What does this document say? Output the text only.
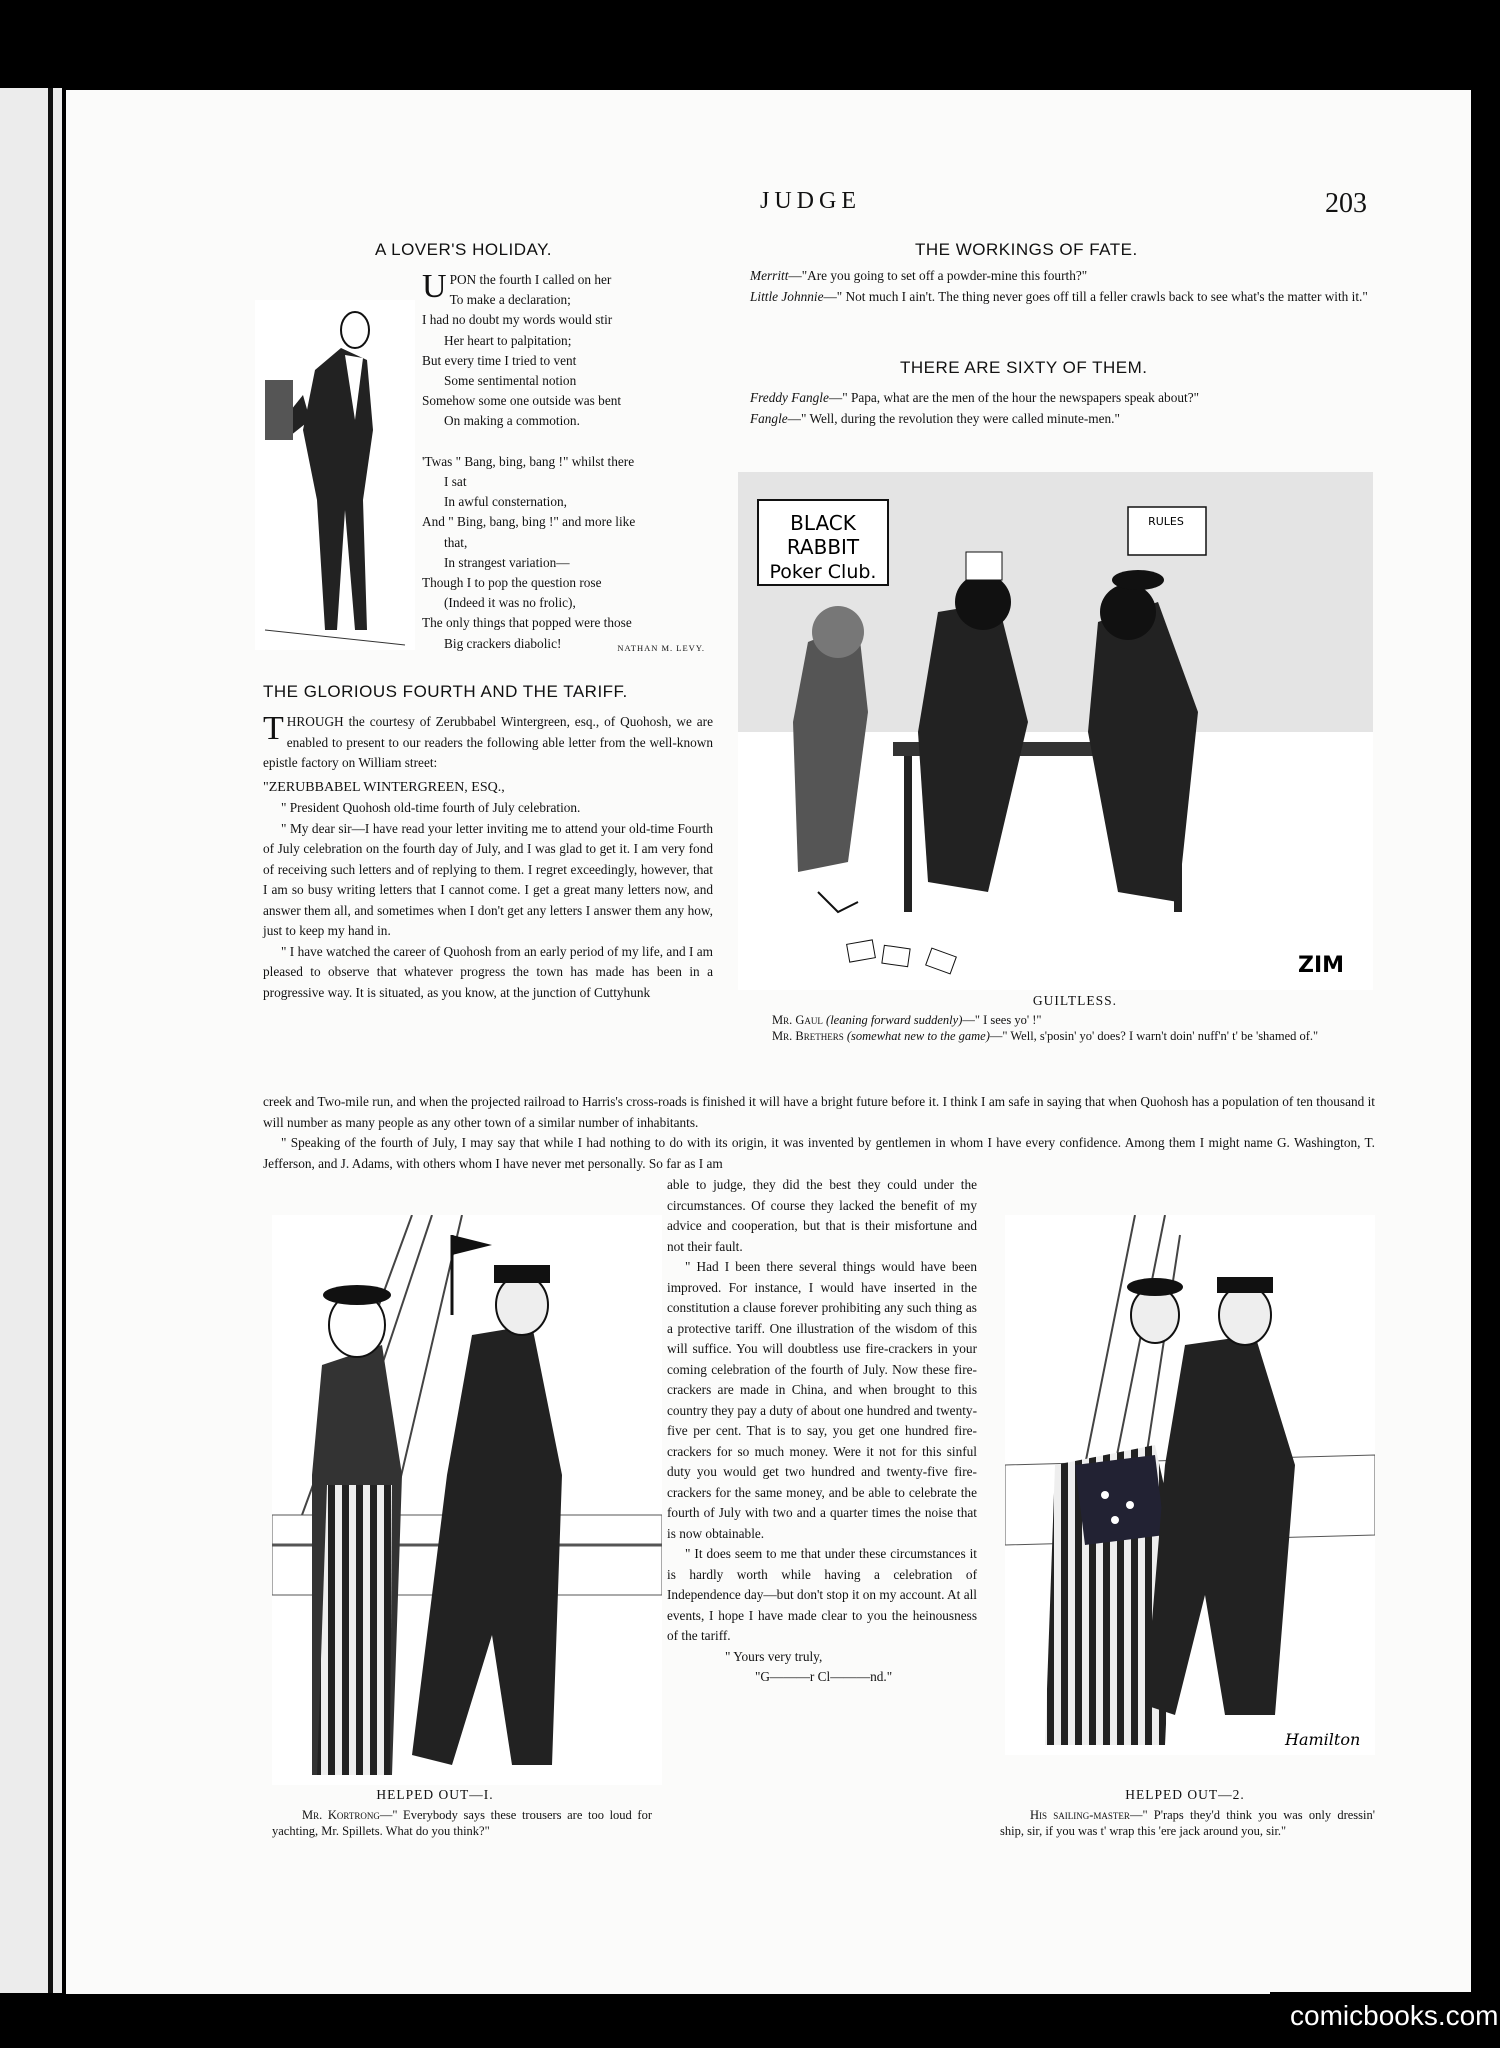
JUDGE	203
A LOVER'S HOLIDAY.
U PON the fourth I called on her
To make a declaration;
I had no doubt my words would stir
Her heart to palpitation;
But every time I tried to vent
Some sentimental notion
Somehow some one outside was bent
On making a commotion.

'Twas " Bang, bing, bang !" whilst there
I sat
In awful consternation,
And " Bing, bang, bing !" and more like
that,
In strangest variation—
Though I to pop the question rose
(Indeed it was no frolic),
The only things that popped were those
Big crackers diabolic!	NATHAN M. LEVY.
THE GLORIOUS FOURTH AND THE TARIFF.

THROUGH the courtesy of Zerubbabel Wintergreen, esq., of Quohosh, we are enabled to present to our readers the following able letter from the well-known epistle factory on William street:

"ZERUBBABEL WINTERGREEN, ESQ.,

" President Quohosh old-time fourth of July celebration.

" My dear sir—I have read your letter inviting me to attend your old-time Fourth of July celebration on the fourth day of July, and I was glad to get it. I am very fond of receiving such letters and of replying to them. I regret exceedingly, however, that I am so busy writing letters that I cannot come. I get a great many letters now, and answer them all, and sometimes when I don't get any letters I answer them any how, just to keep my hand in.

" I have watched the career of Quohosh from an early period of my life, and I am pleased to observe that whatever progress the town has made has been in a progressive way. It is situated, as you know, at the junction of Cuttyhunk

creek and Two-mile run, and when the projected railroad to Harris's cross-roads is finished it will have a bright future before it. I think I am safe in saying that when Quohosh has a population of ten thousand it will number as many people as any other town of a similar number of inhabitants.

" Speaking of the fourth of July, I may say that while I had nothing to do with its origin, it was invented by gentlemen in whom I have every confidence. Among them I might name G. Washington, T. Jefferson, and J. Adams, with others whom I have never met personally. So far as I am

able to judge, they did the best they could under the circumstances. Of course they lacked the benefit of my advice and cooperation, but that is their misfortune and not their fault.

" Had I been there several things would have been improved. For instance, I would have inserted in the constitution a clause forever prohibiting any such thing as a protective tariff. One illustration of the wisdom of this will suffice. You will doubtless use fire-crackers in your coming celebration of the fourth of July. Now these fire-crackers are made in China, and when brought to this country they pay a duty of about one hundred and twenty-five per cent. That is to say, you get one hundred fire-crackers for so much money. Were it not for this sinful duty you would get two hundred and twenty-five fire-crackers for the same money, and be able to celebrate the fourth of July with two and a quarter times the noise that is now obtainable.

" It does seem to me that under these circumstances it is hardly worth while having a celebration of Independence day—but don't stop it on my account. At all events, I hope I have made clear to you the heinousness of the tariff.

" Yours very truly,

"G———r Cl———nd."

THE WORKINGS OF FATE.

Merritt—"Are you going to set off a powder-mine this fourth?"

Little Johnnie—" Not much I ain't. The thing never goes off till a feller crawls back to see what's the matter with it."

THERE ARE SIXTY OF THEM.

Freddy Fangle—" Papa, what are the men of the hour the newspapers speak about?"

Fangle—" Well, during the revolution they were called minute-men."

BLACK
RABBIT
Poker Club.
RULES
ZIM
GUILTLESS.
Mr. Gaul (leaning forward suddenly)—" I sees yo' !"
Mr. Brethers (somewhat new to the game)—" Well, s'posin' yo' does? I warn't doin' nuff'n' t' be 'shamed of."
HELPED OUT—I.
Mr. Kortrong—" Everybody says these trousers are too loud for yachting, Mr. Spillets. What do you think?"
Hamilton
HELPED OUT—2.
His sailing-master—" P'raps they'd think you was only dressin' ship, sir, if you was t' wrap this 'ere jack around you, sir."
comicbooks.com
